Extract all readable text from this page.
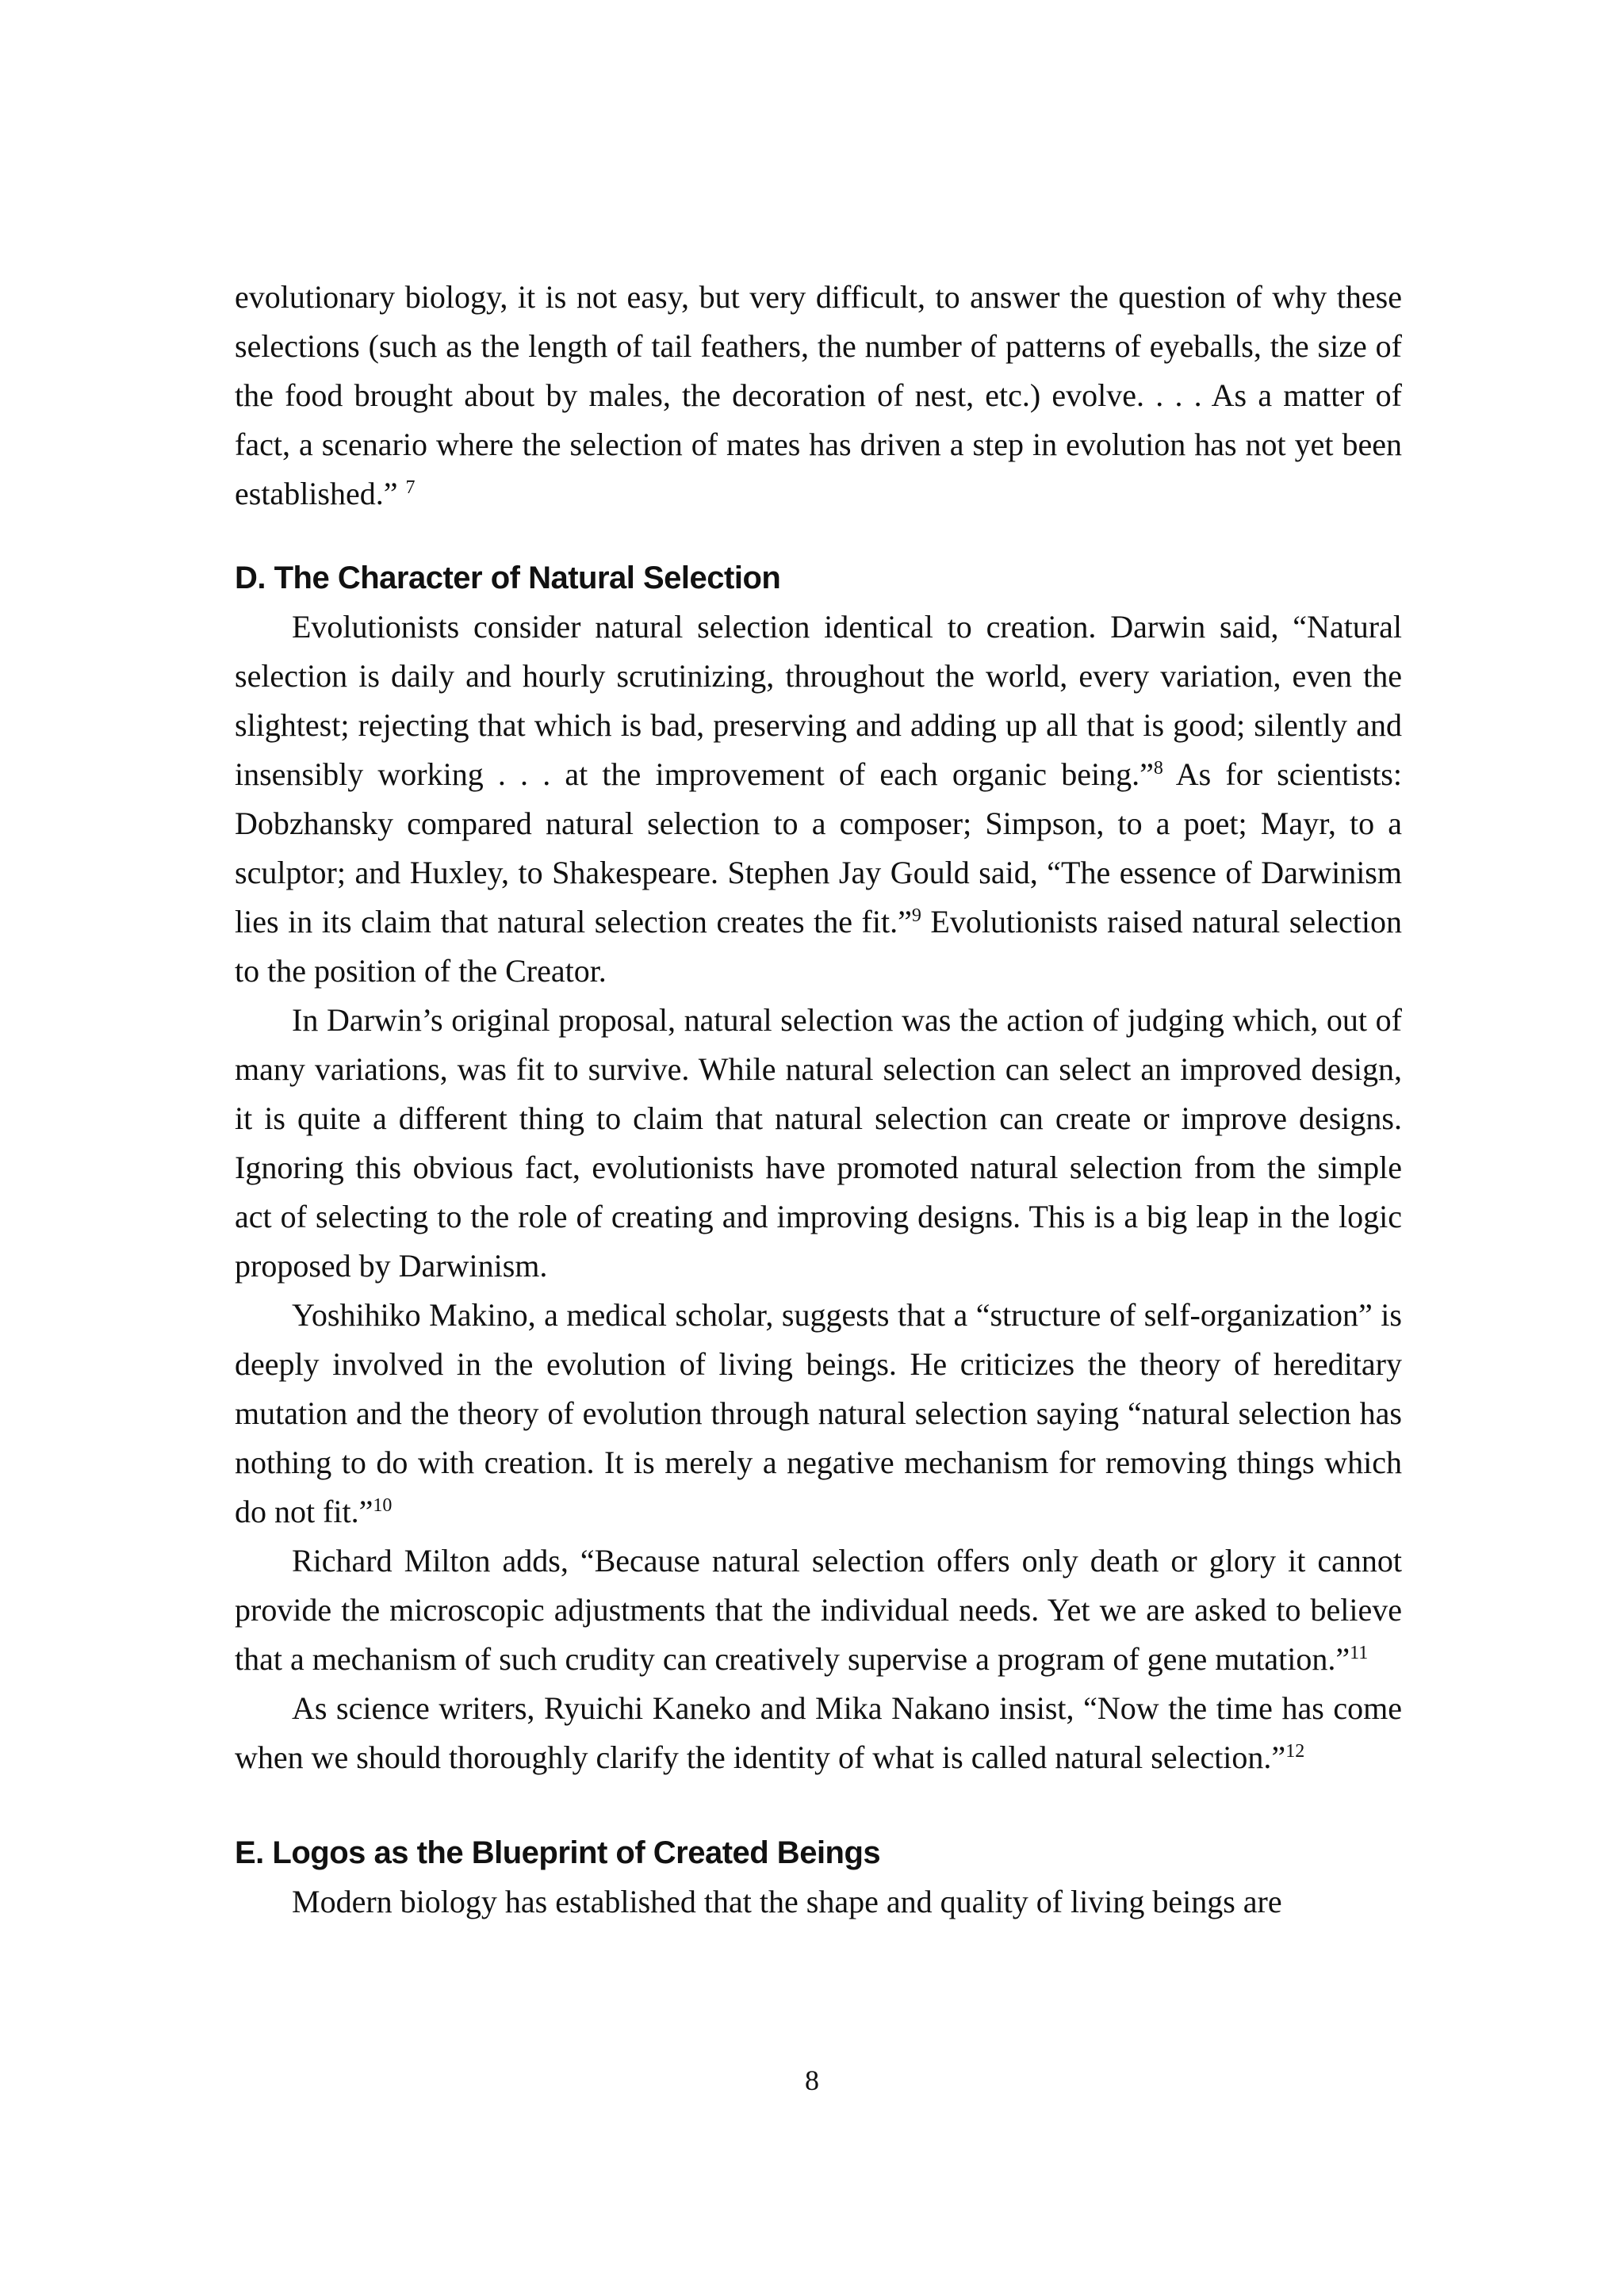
evolutionary biology, it is not easy, but very difficult, to answer the question of why these selections (such as the length of tail feathers, the number of patterns of eyeballs, the size of the food brought about by males, the decoration of nest, etc.) evolve. . . . As a matter of fact, a scenario where the selection of mates has driven a step in evolution has not yet been established.” $^7$

D. The Character of Natural Selection

Evolutionists consider natural selection identical to creation. Darwin said, “Natural selection is daily and hourly scrutinizing, throughout the world, every variation, even the slightest; rejecting that which is bad, preserving and adding up all that is good; silently and insensibly working . . . at the improvement of each organic being.”$^8$ As for scientists: Dobzhansky compared natural selection to a composer; Simpson, to a poet; Mayr, to a sculptor; and Huxley, to Shakespeare. Stephen Jay Gould said, “The essence of Darwinism lies in its claim that natural selection creates the fit.”$^9$ Evolutionists raised natural selection to the position of the Creator.

In Darwin’s original proposal, natural selection was the action of judging which, out of many variations, was fit to survive. While natural selection can select an improved design, it is quite a different thing to claim that natural selection can create or improve designs. Ignoring this obvious fact, evolutionists have promoted natural selection from the simple act of selecting to the role of creating and improving designs. This is a big leap in the logic proposed by Darwinism.

Yoshihiko Makino, a medical scholar, suggests that a “structure of self-organization” is deeply involved in the evolution of living beings. He criticizes the theory of hereditary mutation and the theory of evolution through natural selection saying “natural selection has nothing to do with creation. It is merely a negative mechanism for removing things which do not fit.”$^{10}$

Richard Milton adds, “Because natural selection offers only death or glory it cannot provide the microscopic adjustments that the individual needs. Yet we are asked to believe that a mechanism of such crudity can creatively supervise a program of gene mutation.”$^{11}$

As science writers, Ryuichi Kaneko and Mika Nakano insist, “Now the time has come when we should thoroughly clarify the identity of what is called natural selection.”$^{12}$

E. Logos as the Blueprint of Created Beings

Modern biology has established that the shape and quality of living beings are

8
